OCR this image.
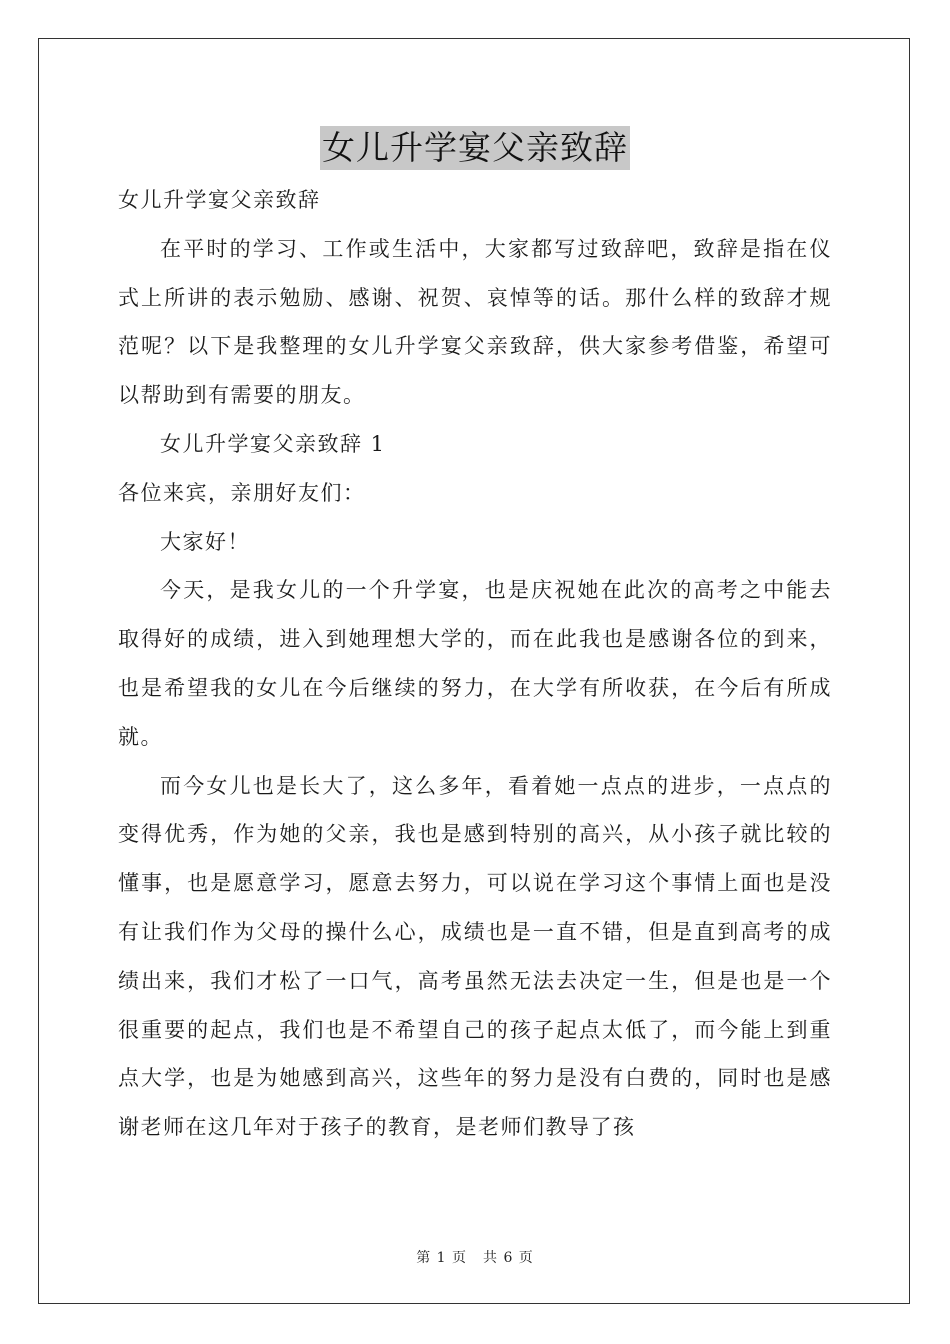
女儿升学宴父亲致辞

女儿升学宴父亲致辞

在平时的学习、工作或生活中，大家都写过致辞吧，致辞是指在仪式上所讲的表示勉励、感谢、祝贺、哀悼等的话。那什么样的致辞才规范呢？以下是我整理的女儿升学宴父亲致辞，供大家参考借鉴，希望可以帮助到有需要的朋友。

女儿升学宴父亲致辞 1

各位来宾，亲朋好友们：

大家好！

今天，是我女儿的一个升学宴，也是庆祝她在此次的高考之中能去取得好的成绩，进入到她理想大学的，而在此我也是感谢各位的到来，也是希望我的女儿在今后继续的努力，在大学有所收获，在今后有所成就。

而今女儿也是长大了，这么多年，看着她一点点的进步，一点点的变得优秀，作为她的父亲，我也是感到特别的高兴，从小孩子就比较的懂事，也是愿意学习，愿意去努力，可以说在学习这个事情上面也是没有让我们作为父母的操什么心，成绩也是一直不错，但是直到高考的成绩出来，我们才松了一口气，高考虽然无法去决定一生，但是也是一个很重要的起点，我们也是不希望自己的孩子起点太低了，而今能上到重点大学，也是为她感到高兴，这些年的努力是没有白费的，同时也是感谢老师在这几年对于孩子的教育，是老师们教导了孩

第 1 页 共 6 页
